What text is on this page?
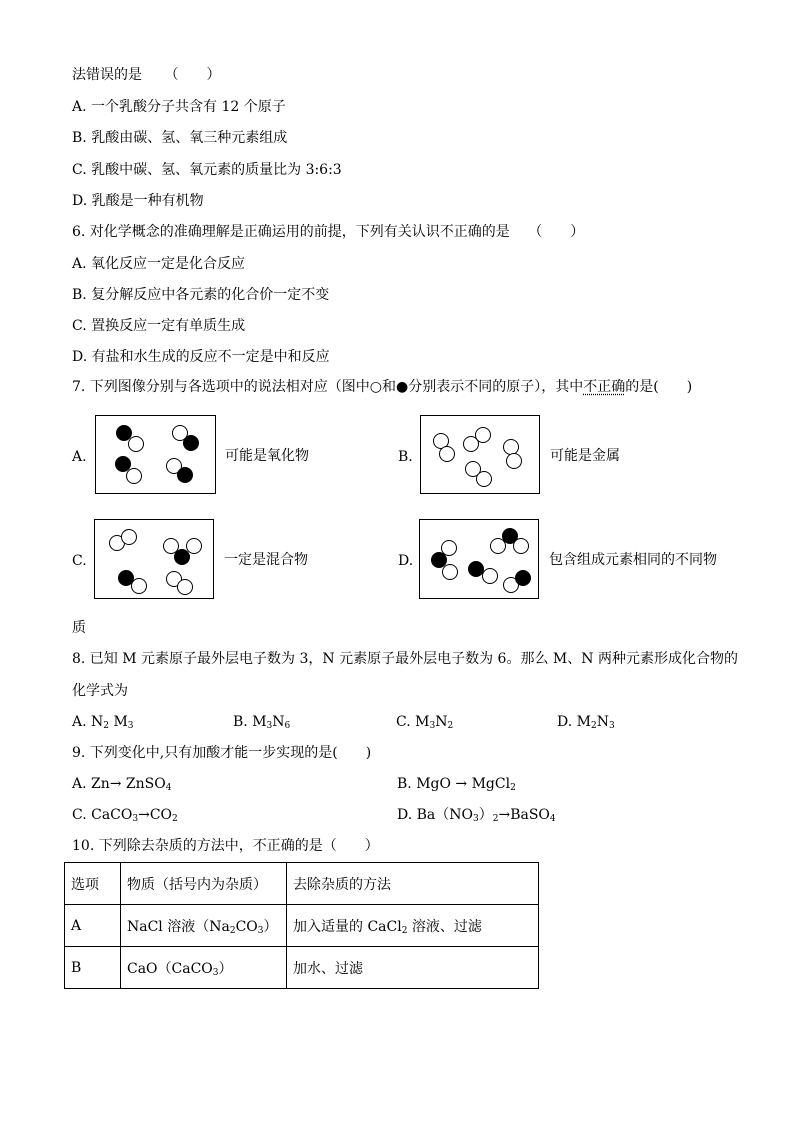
法错误的是 （　　）
A. 一个乳酸分子共含有 12 个原子
B. 乳酸由碳、氢、氧三种元素组成
C. 乳酸中碳、氢、氧元素的质量比为 3:6:3
D. 乳酸是一种有机物
6. 对化学概念的准确理解是正确运用的前提，下列有关认识不正确的是 （　　）
A. 氧化反应一定是化合反应
B. 复分解反应中各元素的化合价一定不变
C. 置换反应一定有单质生成
D. 有盐和水生成的反应不一定是中和反应
7. 下列图像分别与各选项中的说法相对应（图中○和●分别表示不同的原子），其中不正确的是(　　)
A.	可能是氧化物	B.	可能是金属
C.	一定是混合物	D.	包含组成元素相同的不同物
质
8. 已知 M 元素原子最外层电子数为 3，N 元素原子最外层电子数为 6。那么 M、N 两种元素形成化合物的
化学式为
A. $N_2$ $M_3$	B. $M_3N_6$	C. $M_3N_2$	D. $M_2N_3$
9. 下列变化中,只有加酸才能一步实现的是(　　)
A. Zn→ ZnSO$_4$	B. MgO → MgCl$_2$
C. $CaCO_3\to CO_2$	D. $Ba(NO_3)_2\to BaSO_4$
10. 下列除去杂质的方法中，不正确的是（　　）
选项	物质（括号内为杂质）	去除杂质的方法
A	NaCl 溶液$(Na_2CO_3)$	加入适量的 CaCl$_2$ 溶液、过滤
B	CaO（CaCO$_3$）	加水、过滤
